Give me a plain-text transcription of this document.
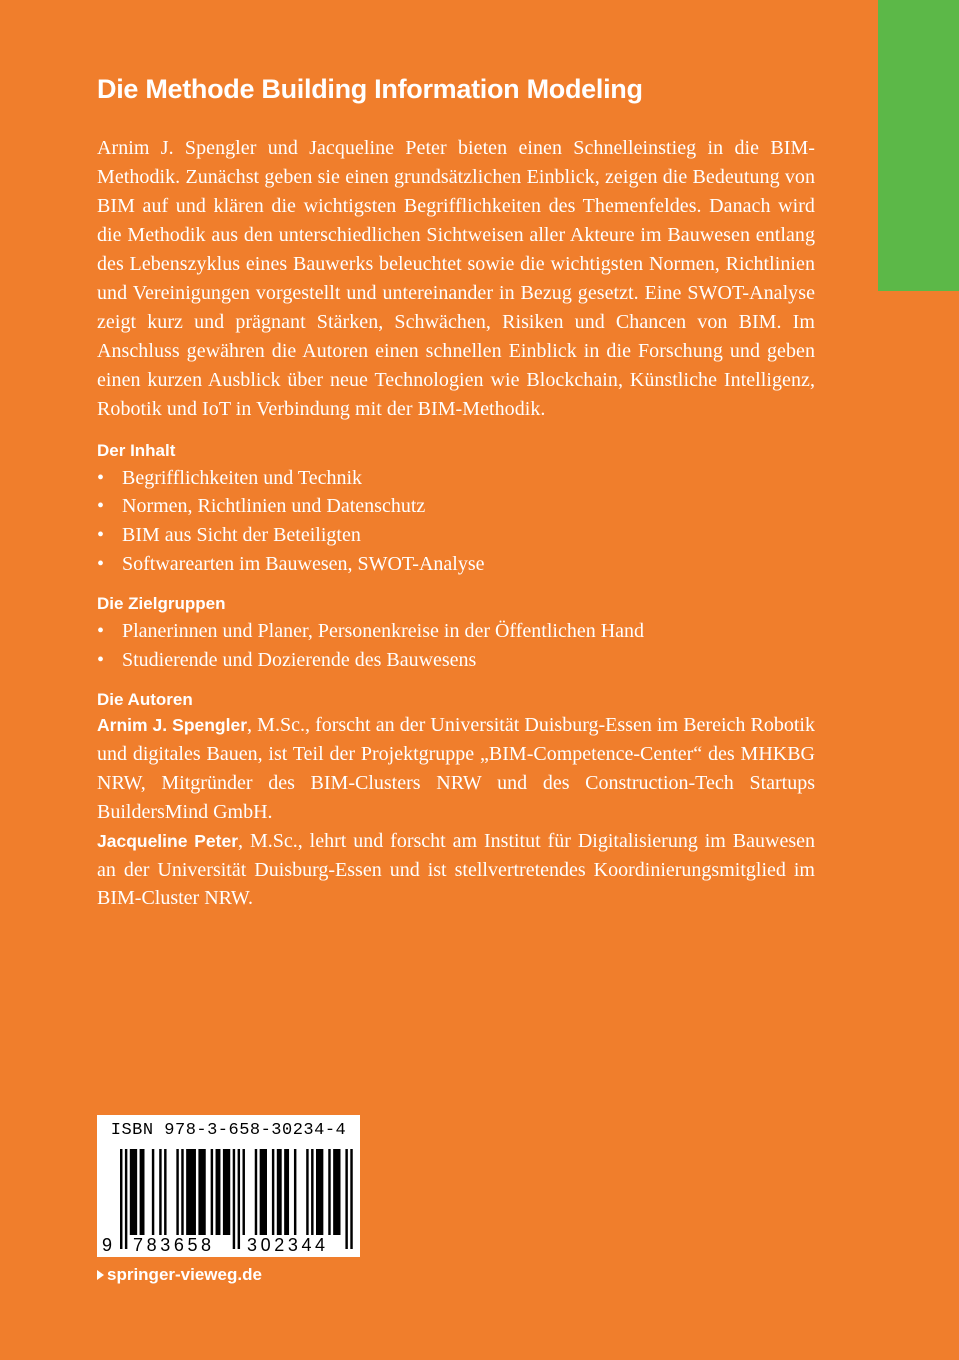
Die Methode Building Information Modeling

Arnim J. Spengler und Jacqueline Peter bieten einen Schnelleinstieg in die BIM-Methodik. Zunächst geben sie einen grundsätzlichen Einblick, zeigen die Bedeutung von BIM auf und klären die wichtigsten Begrifflichkeiten des Themenfeldes. Danach wird die Methodik aus den unterschiedlichen Sichtweisen aller Akteure im Bauwesen entlang des Lebenszyklus eines Bauwerks beleuchtet sowie die wichtigsten Normen, Richtlinien und Vereinigungen vorgestellt und untereinander in Bezug gesetzt. Eine SWOT-Analyse zeigt kurz und prägnant Stärken, Schwächen, Risiken und Chancen von BIM. Im Anschluss gewähren die Autoren einen schnellen Einblick in die Forschung und geben einen kurzen Ausblick über neue Technologien wie Blockchain, Künstliche Intelligenz, Robotik und IoT in Verbindung mit der BIM-Methodik.

Der Inhalt
• Begrifflichkeiten und Technik
• Normen, Richtlinien und Datenschutz
• BIM aus Sicht der Beteiligten
• Softwarearten im Bauwesen, SWOT-Analyse
Die Zielgruppen
• Planerinnen und Planer, Personenkreise in der Öffentlichen Hand
• Studierende und Dozierende des Bauwesens
Die Autoren

Arnim J. Spengler, M.Sc., forscht an der Universität Duisburg-Essen im Bereich Robotik und digitales Bauen, ist Teil der Projektgruppe „BIM-Competence-Center“ des MHKBG NRW, Mitgründer des BIM-Clusters NRW und des Construction-Tech Startups BuildersMind GmbH.

Jacqueline Peter, M.Sc., lehrt und forscht am Institut für Digitalisierung im Bauwesen an der Universität Duisburg-Essen und ist stellvertretendes Koordinierungsmitglied im BIM-Cluster NRW.

ISBN 978-3-658-30234-4
9 783658 302344
springer-vieweg.de
